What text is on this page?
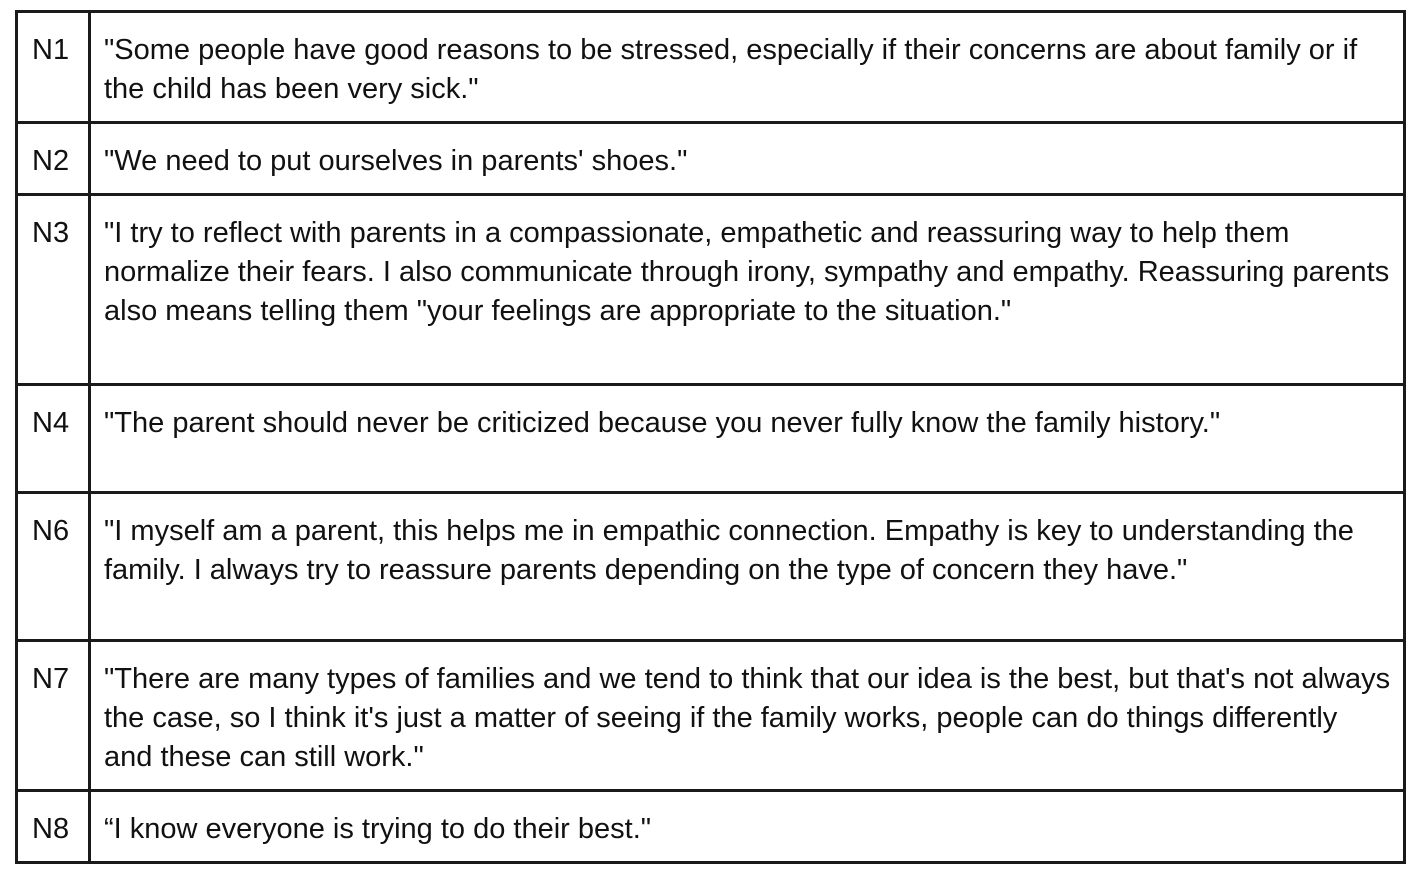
N1	"Some people have good reasons to be stressed, especially if their concerns are about family or if the child has been very sick."
N2	"We need to put ourselves in parents' shoes."
N3	"I try to reflect with parents in a compassionate, empathetic and reassuring way to help them normalize their fears. I also communicate through irony, sympathy and empathy. Reassuring parents also means telling them "your feelings are appropriate to the situation."
N4	"The parent should never be criticized because you never fully know the family history."
N6	"I myself am a parent, this helps me in empathic connection. Empathy is key to understanding the family. I always try to reassure parents depending on the type of concern they have."
N7	"There are many types of families and we tend to think that our idea is the best, but that's not always the case, so I think it's just a matter of seeing if the family works, people can do things differently and these can still work."
N8	“I know everyone is trying to do their best."
